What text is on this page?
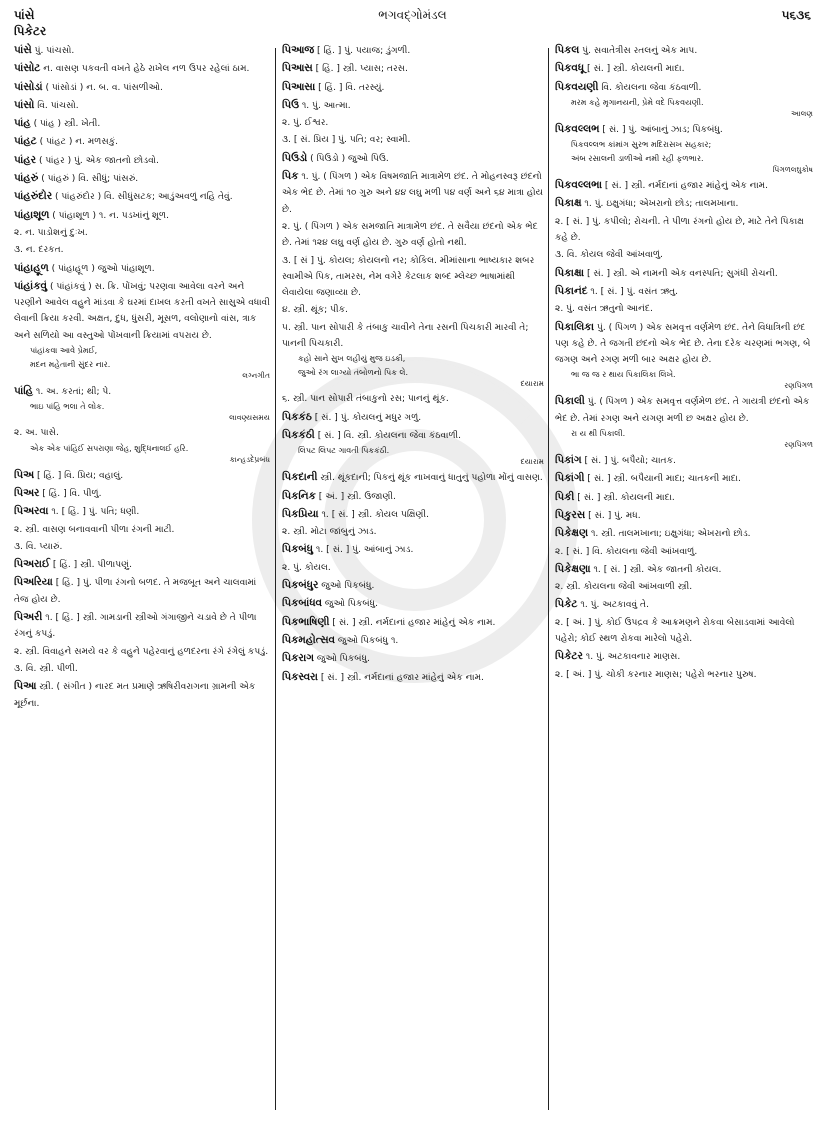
પાંસે	ભગવદ્ગોમંડલ	૫૬૩૬
પિકેટર
પાંસે પું. પાંચસો.
પાંસોટ ન. વાસણ પકવતી વખતે હેઠે રાખેલ નળ ઉપર રહેલાં ઠામ.
પાંસોડાં ( પાંસોડાં ) ન. બ. વ. પાંસળીઓ.
પાંસો વિ. પાંચસો.
પાંહ ( પાંહ ) સ્ત્રી. ખેતી.
પાંહટ ( પાંહટ ) ન. મળસકું.
પાંહર ( પાંહર ) પું. એક જાતનો છોડવો.
પાંહરું ( પાંહરું ) વિ. સીધું; પાંસરું.
પાંહરુંદોર ( પાંહરુંદોર ) વિ. સીધુંસટક; આડુંઅવળું નહિ તેવું.
પાંહાશૂળ ( પાંહાશૂળ ) ૧. ન. પડખાંનું શૂળ.
૨. ન. પાડોશનું દુઃખ.
૩. ન. દરકત.
પાંહાહૂળ ( પાંહાહૂળ ) જુઓ પાંહાશૂળ.
પાંહાંકવું ( પાંહાંકવું ) સ. ક્રિ. પોંખવું; પરણવા આવેલા વરને અને પરણીને આવેલ વહુને માંડવા કે ઘરમાં દાખલ કરતી વખતે સાસુએ વધાવી લેવાની ક્રિયા કરવી. અક્ષત, દુધ, ધુંસરી, મૂસળ, વલોણાનો વાંસ, ત્રાક અને સળિયો આ વસ્તુઓ પોંખવાની ક્રિયામાં વપરાય છે.
પાંહાંકવા આવે પ્રેમઈ,
મદન મહેતાની સુંદર નાર.
લગ્નગીત
પાંહિ ૧. અ. કરતાં; થી; પે.
ભાઇ પાંહિ ભલા તે લોક.
લાવણ્યસમય
૨. અ. પાસે.
એક એક પાંહિઈં સપરાણા જેહ, શુદ્ધિનાલઈ હરિ.
કાન્હડદેપ્રબંધ
પિઅ [ હિં. ] વિ. પ્રિય; વહાલું.
પિઅર [ હિં. ] વિ. પીળું.
પિઅરવા ૧. [ હિં. ] પું. પતિ; ધણી.
૨. સ્ત્રી. વાસણ બનાવવાની પીળા રંગની માટી.
૩. વિ. પ્યારું.
પિઅરાઈ [ હિં. ] સ્ત્રી. પીળાપણું.
પિઅરિયા [ હિં. ] પું. પીળા રંગનો બળદ. તે મજબૂત અને ચાલવામાં તેજ હોય છે.
પિઅરી ૧. [ હિં. ] સ્ત્રી. ગામડાની સ્ત્રીઓ ગંગાજીને ચડાવે છે તે પીળા રંગનું કપડું.
૨. સ્ત્રી. વિવાહને સમયે વર કે વહુને પહેરવાનું હળદરના રંગે રંગેલું કપડું.
૩. વિ. સ્ત્રી. પીળી.
પિઆ સ્ત્રી. ( સંગીત ) નારદ મત પ્રમાણે ઋષિરીવરાગના ગ્રામની એક મૂર્છના.
પિઆજ [ હિં. ] પું. પયાજ; ડુંગળી.
પિઆસ [ હિં. ] સ્ત્રી. પ્યાસ; તરસ.
પિઆસા [ હિં. ] વિ. તરસ્યું.
પિઉ ૧. પું. આત્મા.
૨. પું. ઈશ્વર.
૩. [ સં. પ્રિય ] પું. પતિ; વર; સ્વામી.
પિઉડો ( પિઉડો ) જુઓ પિઉ.
પિક ૧. પું. ( પિંગળ ) એક વિષમજાતિ માત્રામેળ છંદ. તે મોહનસ્વરૂ છંદનો એક ભેદ છે. તેમાં ૧૦ ગુરુ અને ૪૪ લઘુ મળી ૫૪ વર્ણ અને ૬૪ માત્રા હોય છે.
૨. પું. ( પિંગળ ) એક સમજાતિ માત્રામેળ છંદ. તે સવૈયા છંદનો એક ભેદ છે. તેમાં ૧૨૪ લઘુ વર્ણ હોય છે. ગુરુ વર્ણ હોતો નથી.
૩. [ સં ] પું. કોયલ; કોયલનો નર; કોકિલ. મીમાંસાના ભાષ્યકાર શબર સ્વામીએ પિક, તામરસ, નેમ વગેરે કેટલાક શબ્દ મ્લેચ્છ ભાષામાંથી લેવાયેલા જણાવ્યા છે.
૪. સ્ત્રી. થૂંક; પીક.
૫. સ્ત્રી. પાન સોપારી કે તંબાકુ ચાવીને તેના રસની પિચકારી મારવી તે; પાનની પિચકારી.
કહો સાને સુખ લહીયું મુજ ઇડકી,
જુઓ રંગ લાગ્યો તંબોળનો પિક લે.
દયારામ
૬. સ્ત્રી. પાન સોપારી તંબાકુનો રસ; પાનનું થૂંક.
પિકકંઠ [ સં. ] પું. કોયલનું મધુર ગળું.
પિકકંઠી [ સં. ] વિ. સ્ત્રી. કોયલના જેવા કંઠવાળી.
લિપટ લિપટ ગાવતી પિકકંઠી.
દયારામ
પિકદાની સ્ત્રી. થૂંકદાની; પિકનું થૂંક નાખવાનું ધાતુનું પહોળા મોંનું વાસણ.
પિકનિક [ અં. ] સ્ત્રી. ઉજાણી.
પિકપ્રિયા ૧. [ સં. ] સ્ત્રી. કોયલ પક્ષિણી.
૨. સ્ત્રી. મોટા જાંબુનું ઝાડ.
પિકબંધુ ૧. [ સં. ] પું. આંબાનું ઝાડ.
૨. પું. કોયલ.
પિકબંધુર જુઓ પિકબંધુ.
પિકબાંધવ જુઓ પિકબંધુ.
પિકભાષિણી [ સં. ] સ્ત્રી. નર્મદાનાં હજાર માંહેનું એક નામ.
પિકમહોત્સવ જુઓ પિકબંધુ ૧.
પિકરાગ જુઓ પિકબંધુ.
પિકસ્વરા [ સં. ] સ્ત્રી. નર્મદાનાં હજાર માંહેનું એક નામ.
પિકલ પું. સવાતેત્રીસ રતલનું એક માપ.
પિકવધૂ [ સં. ] સ્ત્રી. કોયલની માદા.
પિકવયણી વિ. કોયલના જેવા કંઠવાળી.
મરમ કહે મૃગાનયની, પ્રેમે વદે પિકવયણી.
આલણ
પિકવલ્લભ [ સં. ] પું. આંબાનું ઝાડ; પિકબંધુ.
પિકવલ્લભ કાંમાંગ સુરભ મદિરાસખ સહકાર;
અંબ રસાલની ડાળીઓ નમી રહી ફળભાર.
પિંગળલઘુકોષ
પિકવલ્લભા [ સં. ] સ્ત્રી. નર્મદાનાં હજાર માંહેનું એક નામ.
પિકાક્ષ ૧. પું. ઇક્ષુગંધા; એખરાનો છોડ; તાલમખાના.
૨. [ સં. ] પું. કપીલો; રોચની. તે પીળા રંગનો હોય છે, માટે તેને પિકાક્ષ કહે છે.
૩. વિ. કોયલ જેવી આંખવાળું.
પિકાક્ષા [ સં. ] સ્ત્રી. એ નામની એક વનસ્પતિ; સુગંધી રોચની.
પિકાનંદ ૧. [ સં. ] પું. વસંત ઋતુ.
૨. પું. વસંત ઋતુનો આનંદ.
પિકાલિકા પું. ( પિંગળ ) એક સમવૃત્ત વર્ણમેળ છંદ. તેને વિધાત્રિની છંદ પણ કહે છે. તે જગતી છંદનો એક ભેદ છે. તેના દરેક ચરણમાં ભગણ, બે જગણ અને રગણ મળી બાર અક્ષર હોય છે.
ભા જ જ ર થાય પિકાલિકા લિખે.
રણપિંગળ
પિકાલી પું. ( પિંગળ ) એક સમવૃત્ત વર્ણમેળ છંદ. તે ગાયત્રી છંદનો એક ભેદ છે. તેમાં રગણ અને યગણ મળી છ અક્ષર હોય છે.
રા ય થી પિકાલી.
રણપિંગળ
પિકાંગ [ સં. ] પું. બપૈયો; ચાતક.
પિકાંગી [ સં. ] સ્ત્રી. બપૈયાની માદા; ચાતકની માદા.
પિકી [ સં. ] સ્ત્રી. કોયલની માદા.
પિકુરસ [ સં. ] પું. મધ.
પિકેક્ષણ ૧. સ્ત્રી. તાલમખાના; ઇક્ષુગંધા; એખરાનો છોડ.
૨. [ સં. ] વિ. કોયલના જેવી આંખવાળું.
પિકેક્ષણા ૧. [ સં. ] સ્ત્રી. એક જાતની કોયલ.
૨. સ્ત્રી. કોયલના જેવી આંખવાળી સ્ત્રી.
પિકેટ ૧. પું. અટકાવવું તે.
૨. [ અં. ] પું. કોઈ ઉપદ્રવ કે આક્રમણને રોકવા બેસાડવામાં આવેલો પહેરો; કોઈ સ્થળ રોકવા મારેલો પહેરો.
પિકેટર ૧. પું. અટકાવનાર માણસ.
૨. [ અં. ] પું. ચોકી કરનાર માણસ; પહેરો ભરનાર પુરુષ.
